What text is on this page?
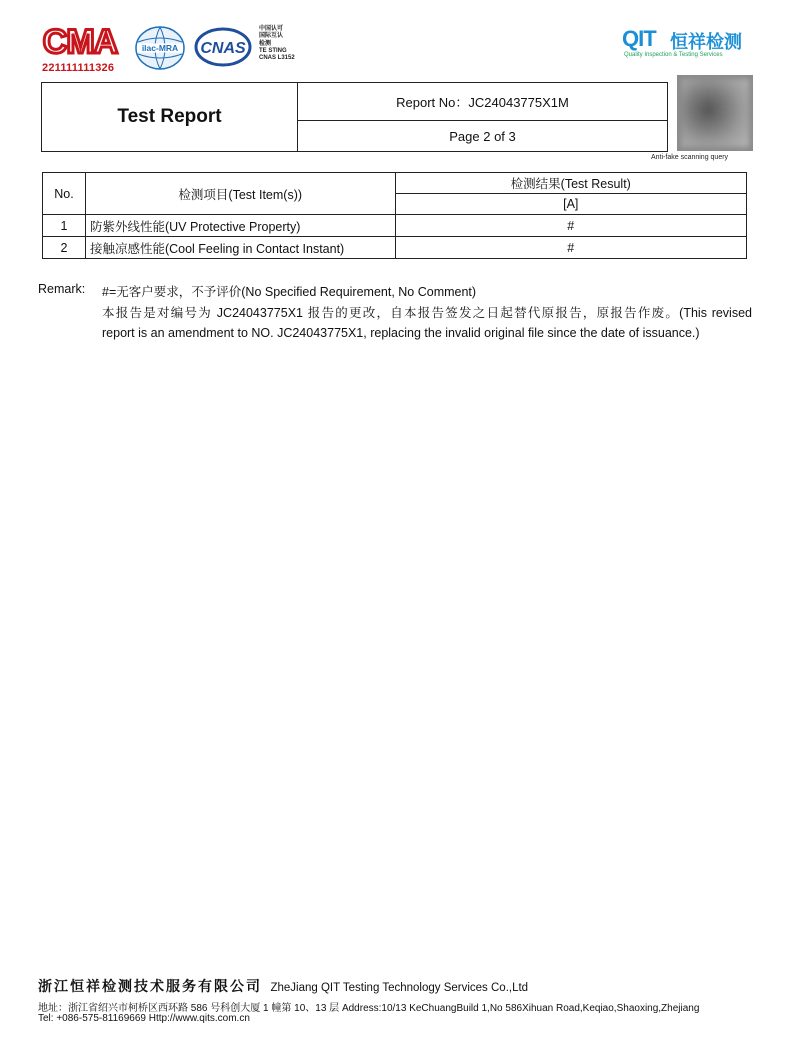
CMA
221111111326
ilac-MRA CNAS
中国认可
国际互认
检测
TE STING
CNAS L3152
QIT 恒祥检测
Quality Inspection & Testing Services
Test Report
Report No：JC24043775X1M
Page 2 of 3
Anti-fake scanning query
No.	检测项目(Test Item(s))	检测结果(Test Result)
		[A]
1	防紫外线性能(UV Protective Property)	#
2	接触凉感性能(Cool Feeling in Contact Instant)	#
Remark: #=无客户要求，不予评价(No Specified Requirement, No Comment)
本报告是对编号为 JC24043775X1 报告的更改，自本报告签发之日起替代原报告，原报告作废。(This revised
report is an amendment to NO. JC24043775X1, replacing the invalid original file since the date of issuance.)
浙江恒祥检测技术服务有限公司 ZheJiang QIT Testing Technology Services Co.,Ltd
地址：浙江省绍兴市柯桥区西环路 586 号科创大厦 1 幢第 10、13 层 Address:10/13 KeChuangBuild 1,No 586Xihuan Road,Keqiao,Shaoxing,Zhejiang
Tel: +086-575-81169669 Http://www.qits.com.cn
